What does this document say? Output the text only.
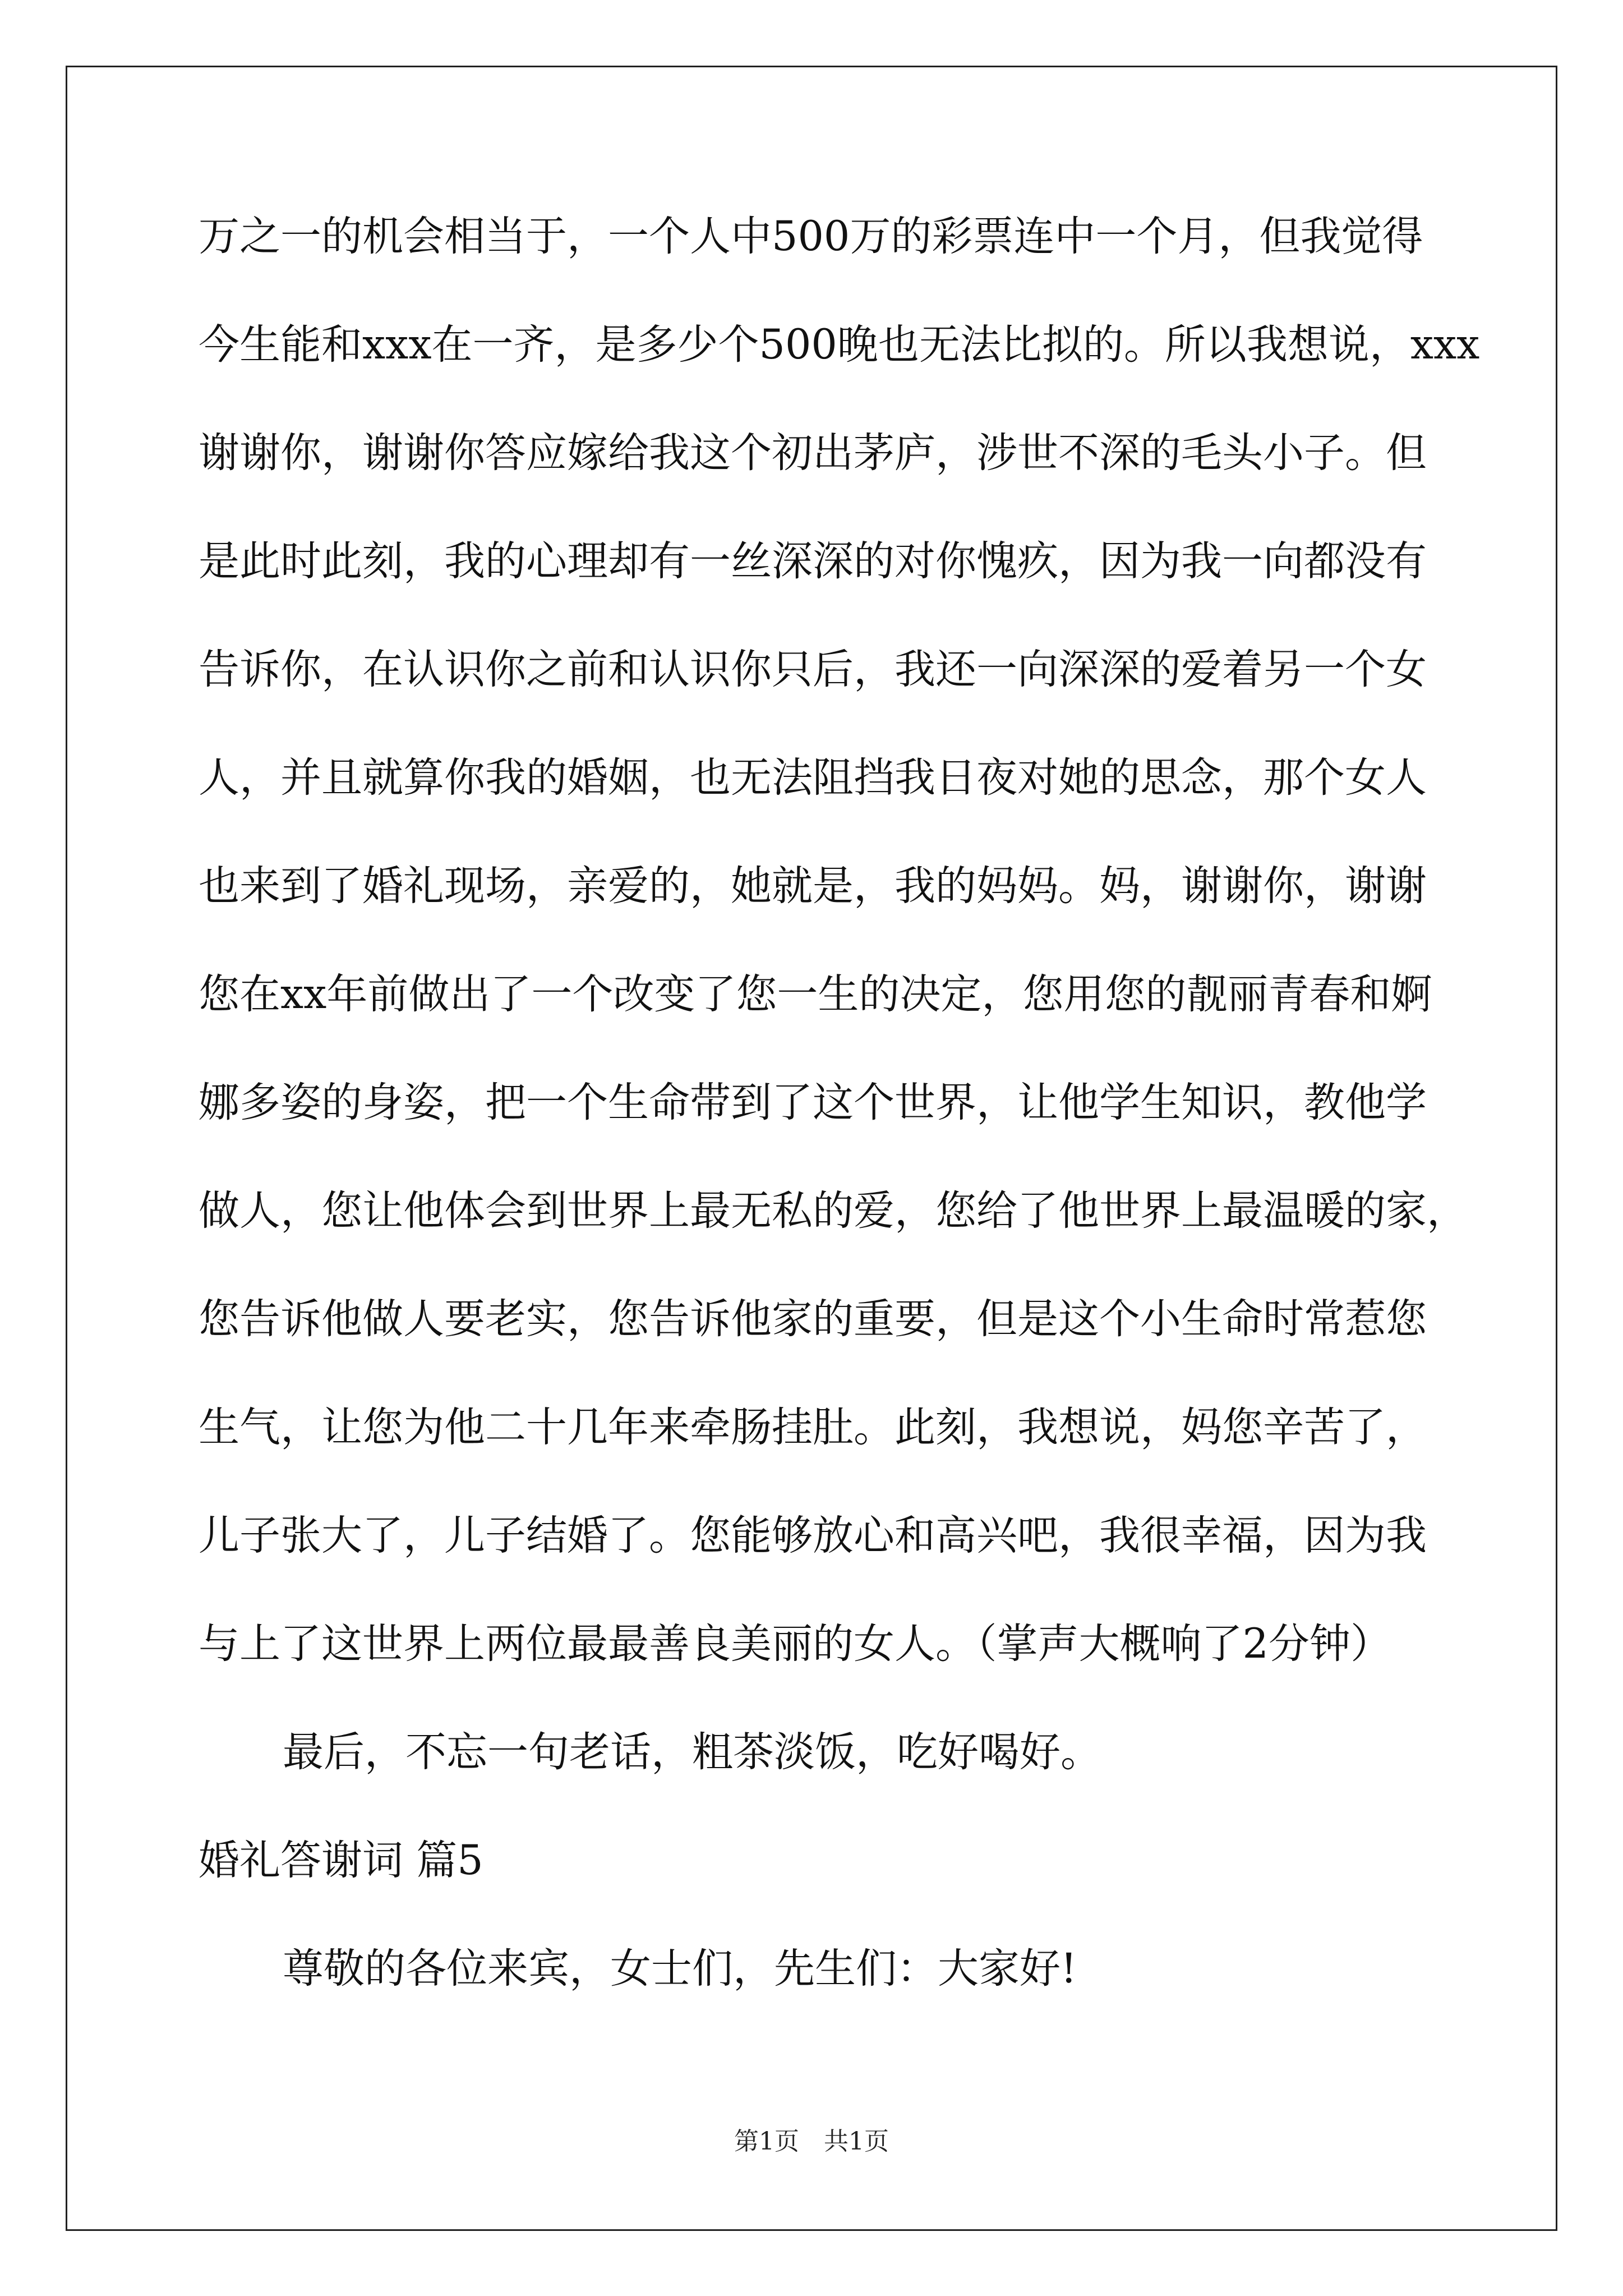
万之一的机会相当于，一个人中500万的彩票连中一个月，但我觉得

今生能和xxx在一齐，是多少个500晚也无法比拟的。所以我想说，xxx

谢谢你，谢谢你答应嫁给我这个初出茅庐，涉世不深的毛头小子。但

是此时此刻，我的心理却有一丝深深的对你愧疚，因为我一向都没有

告诉你，在认识你之前和认识你只后，我还一向深深的爱着另一个女

人，并且就算你我的婚姻，也无法阻挡我日夜对她的思念，那个女人

也来到了婚礼现场，亲爱的，她就是，我的妈妈。妈，谢谢你，谢谢

您在xx年前做出了一个改变了您一生的决定，您用您的靓丽青春和婀

娜多姿的身姿，把一个生命带到了这个世界，让他学生知识，教他学

做人，您让他体会到世界上最无私的爱，您给了他世界上最温暖的家，

您告诉他做人要老实，您告诉他家的重要，但是这个小生命时常惹您

生气，让您为他二十几年来牵肠挂肚。此刻，我想说，妈您辛苦了，

儿子张大了，儿子结婚了。您能够放心和高兴吧，我很幸福，因为我

与上了这世界上两位最最善良美丽的女人。（掌声大概响了2分钟）

最后，不忘一句老话，粗茶淡饭，吃好喝好。

婚礼答谢词 篇5

尊敬的各位来宾，女士们，先生们：大家好!

第1页　共1页
